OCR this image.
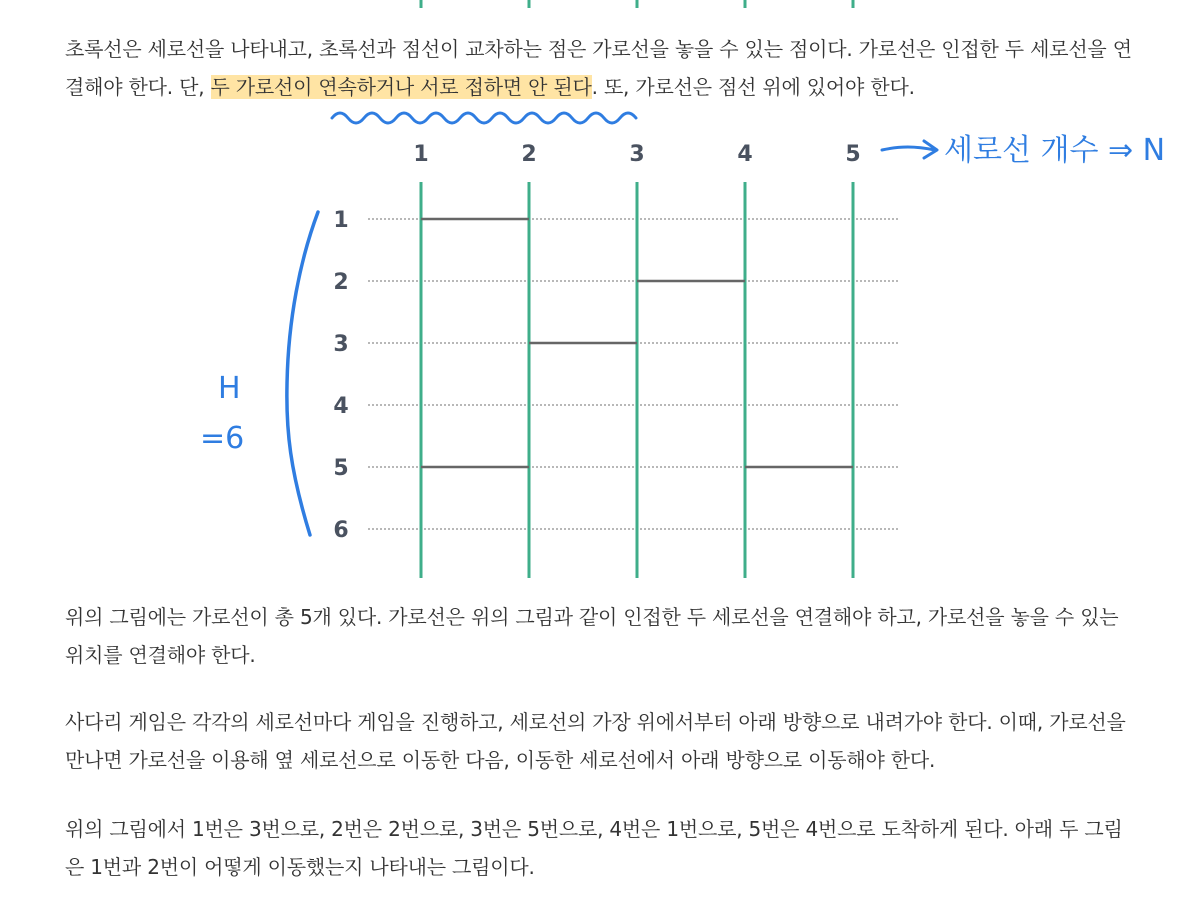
1	2	3	4	5
1
2
3
4
5
6
세로선 개수 ⇒ N
H
=6

초록선은 세로선을 나타내고, 초록선과 점선이 교차하는 점은 가로선을 놓을 수 있는 점이다. 가로선은 인접한 두 세로선을 연결해야 한다. 단, 두 가로선이 연속하거나 서로 접하면 안 된다. 또, 가로선은 점선 위에 있어야 한다.

위의 그림에는 가로선이 총 5개 있다. 가로선은 위의 그림과 같이 인접한 두 세로선을 연결해야 하고, 가로선을 놓을 수 있는 위치를 연결해야 한다.

사다리 게임은 각각의 세로선마다 게임을 진행하고, 세로선의 가장 위에서부터 아래 방향으로 내려가야 한다. 이때, 가로선을 만나면 가로선을 이용해 옆 세로선으로 이동한 다음, 이동한 세로선에서 아래 방향으로 이동해야 한다.

위의 그림에서 1번은 3번으로, 2번은 2번으로, 3번은 5번으로, 4번은 1번으로, 5번은 4번으로 도착하게 된다. 아래 두 그림은 1번과 2번이 어떻게 이동했는지 나타내는 그림이다.
